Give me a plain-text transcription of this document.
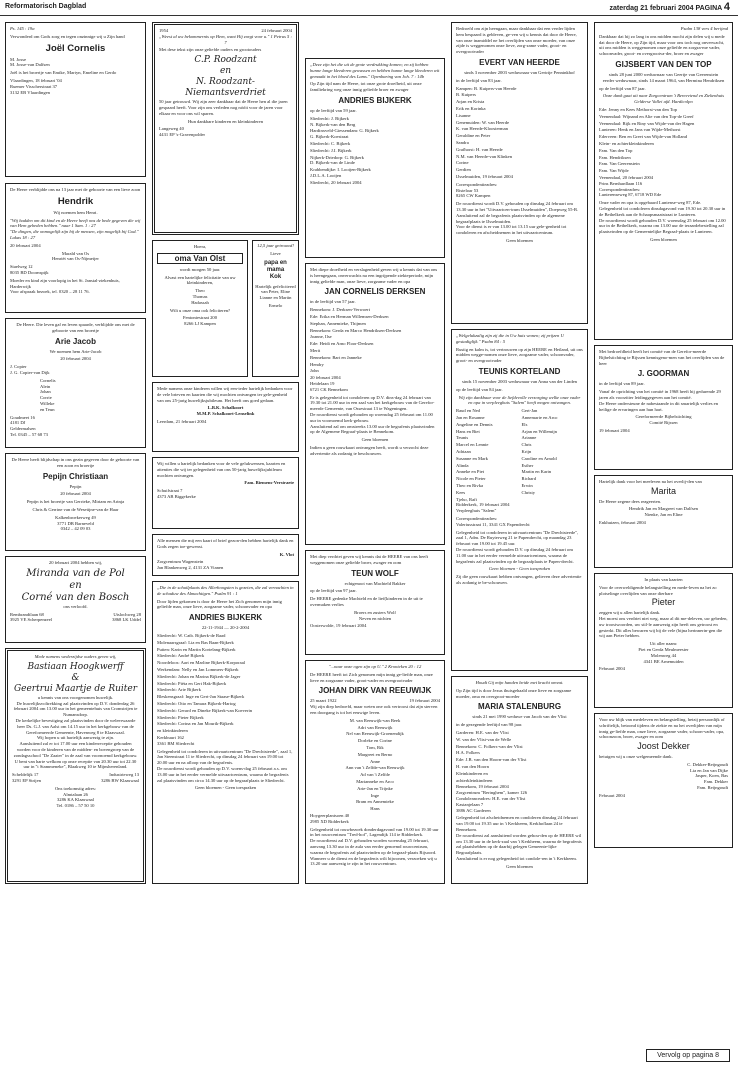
Reformatorisch Dagblad	zaterdag 21 februari 2004 PAGINA 4

Ps. 145 : 19a

Verwonderd om Gods zorg en tegen onzinnige wij u Zijn hand

Joël Cornelis

M. Josse
M. Josse-van Dalfsen

Joël is het broertje van Emike, Martyn, Emeline en Gerdo

Vlaardingen, 18 februari '04
Ruemer Visscherstraat 37
3132 EB Vlaardingen

De Heere verblijdde ons na 13 jaar met de geboorte van een lieve zoon

Hendrik

Wij noemen hem Henri.

"Wij hadden om dit kind en de Heere heeft ons de bede gegeven die wij van Hem gebeden hebben." naar 1 Sam. 1 : 27
"De dingen, die onmogelijk zijn bij de mensen, zijn mogelijk bij God." Lukas 18 : 27

20 februari 2004

Marald van Os
Henriët van Os-Nijmeijer

Staelweg 12
8035 BD Doornspijk

Moeder en kind zijn voorlopig in het St. Janstal-ziekenhuis, Harderwijk
Voor afspraak bezoek, tel. 0320 – 28 11 76.

De Heere. Die leven gaf en leven spaarde, verblijdde ons met de geboorte van een broertje

Arie Jacob

We noemen hem Arie-Jacob

20 februari 2004

J. Copier
J. G. Copier-van Dijk

Cornelis
Alein
Johan
Corrie
Willeke
en Teun

Goudmeet 16
4181 DJ
Geldermalsen
Tel. 0345 – 57 68 73

De Heere heeft blijdschap in ons gezin gegeven door de geboorte van een zoon en broertje

Pepijn Christiaan

Pepijn

20 februari 2004

Pepijn is het broertje van Gerrieke, Miriam en Arinja

Chris & Gerrine van de Wesetijne-van de Haar

Kalkenbroekerweg 49
3771 DB Barneveld
0342 – 42 09 03

20 februari 2004 hebben wij,

Miranda van de Pol
en
Corné van den Bosch

ons verloofd.

Rembrandtlaan 68
3925 VE Scherpenzeel

Utslochweg 28
3868 LK Uddel

Mede namens wederzijdse ouders geven wij,

Bastiaan Hoogkwerff
&
Geertrui Maartje de Ruiter

u kennis van ons voorgenomen huwelijk.
De huwelijksvoltrekking zal plaatsvinden op D.V. donderdag 26 februari 2004 om 13.00 uur in het gemeentehuis van Cromstrijen te Numansdorp.
De kerkelijke bevestiging zal plaatsvinden door de weleerwaarde heer Ds. G.J. van Aalst om 14.15 uur in het kerkgebouw van de Gereformeerde Gemeente, Havenweg 8 te Klaaswaal.
Wij hopen u uit hartelijk aanwezig te zijn.
Aansluitend zal er tot 17.00 uur een kinderreceptie gehouden worden voor de kinderen van de midden- en bovengroep van de zondagsschool "De Zaaier" in de zaal van voornoemd kerkgebouw.
U bent van harte welkom op onze receptie van 20.30 uur tot 22.30 uur in "t Stammeneke", Blaakweg 10 te Mijnsherenland.

Scheldelijk 17
3291 EP Strijen

Industrieweg 13
3286 BW Klaaswaal

Ons toekomstig adres:
Almtalaan 26
3286 KA Klaaswaal
Tel. 0186 – 57 50 10

1954	24 februari 2004

„Weest al uw bekommernis op Hem, want Hij zorgt voor u." 1 Petrus 5 : 7

Met dese tekst zijn onze geliefde ouders en grootouders

C.P. Roodzant
en
N. Roodzant-
Niemantsverdriet

50 jaar getrouwd. Wij zijn zeer dankbaar dat de Heere hen al die jaren gespaard heeft. Voor zijn ons verleden nog nóóit voor de jaren voor elkaar en voor ons wil sparen.

Hun dankbare kinderen en kleinkinderen

Langeweg 40
4431 EP 's-Gravenpolder

Hoera,

oma Van Olst

wordt morgen 50 jaar.

Alvast een hartelijke felicitatie van uw kleinkinderen,

Theo
Thomas
Hadassah

Wilt u onze oma ook feliciteren?

Fentoniestraat 200
8266 LJ Kampen

12,5 jaar getrouwd!

Lieve

papa en mama
Kok

Hartelijk gefeliciteerd van Peter, Eline Lianne en Martin

Ermelo

Mede namens onze kinderen willen wij een-ieder hartelijk bedanken voor de vele brieven en kaarten die wij mochten ontvangen ter gele-genheid van ons 25-jarig huwelijksjubileum. Het heeft ons goed gedaan.

L.B.K. Schalkoort
M.M.P. Schalkoort-Lenselink

Leerdam, 21 februari 2004

Wij willen u hartelijk bedanken voor de vele gelukwensen, kaarten en attenties die wij ter gelegenheid van ons 50-jarig huwelijksjubileum mochten ontvangen.

Fam. Biemens-Verstraete

Schuifstraat 7
4373 AB Biggekerke

Alle mensen die mij een kaart of brief gezon-den hebben hartelijk dank en Gods zegen toe-gewenst.

K. Vlot

Zorgcentrum Wagenstein
Jan Blankenweg 2, 4131 ZA Vianen

„Die in de schuilplaats des Allerhoogsten is gezeten, die zal vernachten in de schaduw des Almachtigen." Psalm 91 : 1

Door lijden gekomen is door de Heere het Zich genomen mijn innig geliefde man, onze lieve, zorgzame vader, schoonvader en opa

ANDRIES BIJKERK

22-11-1944 — 20-2-2004

Sliedrecht: W. Catb. Bijkerk-de Raad

Molenaarsgraaf: Lia en Bas Baan-Bijkerk

Putten: Karin en Martin Kortelang-Bijkerk

Sliedrecht: André Bijkerk

Noordeloos: Aart en Marline Bijkerk-Korporaal

Werkendam: Nelly en Jan Lommers-Bijkerk

Sliedrecht: Johan en Marina Bijkerk-de Jager

Sliedrecht: Piëta en Gert Hak-Bijkerk

Sliedrecht: Arie Bijkerk

Bleskensgraaf: Inge en Gert-Jan Staase-Bijkerk

Sliedrecht: Otto en Tamara Bijkerk-Hartog

Sliedrecht: Gerard en Dineke Bijkerk-van Koeverin

Sliedrecht: Pieter Bijkerk

Sliedrecht: Corina en Jan Mourik-Bijkerk

en kleinkinderen

Kerkbuurt 162
3361 BM Sliedrecht

Gelegenheid tot condoleren in uitvaartcentrum "De Drechtsteede", zaal 1, Jan Steenstraat 11 te Sliedrecht, op dinsdag 24 februari van 19.00 tot 20.00 uur en na afloop van de begrafenis.
De rouwdienst wordt gehouden op D.V. woens-dag 25 februari a.s. om 13.00 uur in het eerder vermelde uitvaartcentrum, waarna de begrafenis zal plaatsvinden om circa 14.30 uur op de begraafplaats te Sliedrecht.

Geen bloemen - Geen toespraken

„Deze zijn het die uit de grote verdrukking komen; en zij hebben hunne lange kleederen gewassen en hebben hunne lange kleederen wit gemaakt in het bloed des Lams." Openbaring van Joh. 7 : 14b

Op Zijn tijd nam de Heere, tot onze grote droefheid, uit onze familiekring weg onze innig geliefde broer en zwager

ANDRIES BIJKERK

op de leeftijd van 59 jaar.

Sliedrecht: J. Bijkerk
N. Bijkerk-van den Berg

Hardinxveld-Giessendam: G. Bijkerk
G. Bijkerk-Koestraat

Sliedrecht: C. Bijkerk

Sliedrecht: J.I. Bijkerk

Nijkerk-Driedorp: G. Bijkerk
D. Bijkerk-van de Linde

Krabbendijke: I. Looijen-Bijkerk
J.D.L.A. Looijen

Sliedrecht, 20 februari 2004

Met diepe droefheid en verslagenheid geven wij u kennis dat van ons is heengegaan, onverwachts na een ingrijpende ziekteperiode, mijn innig geliefde man, onze lieve, zorgzame vader en opa

JAN CORNELIS DERKSEN

in de leeftijd van 57 jaar.

Bennekom: J. Derksen-Verwoert

Ede: Erika en Herman Willemsen-Derksen

Stephan, Annemieke, Thijmen

Bennekom: Gerda en Marco Hendriksen-Derksen

Joanne, Ilse

Ede: Heidi en Arno Floor-Derksen

Merit

Bennekom: Bart en Janneke

Hendry

John

20 februari 2004
Heidelaan 19
6721 CK Bennekom

Er is gelegenheid tot condoleren op D.V. dins-dag 24 februari van 19.30 tot 21.00 uur in een zaal van het kerkgebouw van de Gerefor-meerde Gemeente, van Ossestraat 13 te Wageningen.
De rouwdienst wordt gehouden op woensdag 25 februari om 11.00 uur in voornoemd kerk-gebouw.
Aansluitend zal om omstreeks 13.00 uur de begrafenis plaatsvinden op de Algemene Begraaf-plaats te Bennekom.

Geen bloemen

Indien u geen rouwkaart ontvangen heeft, wordt u verzocht deze advertentie als zodanig te beschouwen.

Met diep verdriet geven wij kennis dat de HEERE van ons heeft weggenomen onze geliefde broer, zwager en oom

TEUN WOLF

echtgenoot van Machteld Bakker

op de leeftijd van 97 jaar.

De HEERE gedenke Machteld en de lief(kinderen in de uit te overmaken verlies

Broers en zusters Wolf
Neven en nichten

Oosterwolde, 19 februari 2004

"...naar onze ogen zijn op U." 2 Kronieken 20 : 12

De HEERE heeft tot Zich genomen mijn innig ge-liefde man, onze lieve en zorgzame vader, groot-vader en overgrootvader

JOHAN DIRK VAN REEUWIJK
25 maart 1922	19 februari 2004

Wij zijn diep bedroefd, maar weten one ook vertroost dat zijn sterven een doorgang is tot het eeuwige leven.

M. van Reeuwijk-van Beek

Adri van Reeuwijk

Nel van Reeuwijk-Groenendijk

Dorleke en Corine

Tom, Rik

Margreet en Berno

Anne

Ann van 't Zelfde-van Reeuwijk

Ad van 't Zelfde

Marianneke en Arco

Arie-Jan en Trijnke

Inge

Bram en Annemieke

Hans

Hoygeerplantsoen 40
2985 XD Ridderkerk

Gelegenheid tot rouwbezoek donderdagavond van 19.00 tot 19.30 uur in het rouwcentrum "Tred-hof", Lagendijk 114 te Ridderkerk.
De rouwdienst zal D.V. gehouden worden woensdag 25 februari, aanvang 13.30 uur in de aula van eerder genoemd rouwcentrum, waarna de begrafenis zal plaatsvinden op de begraaf-plaats Rijsoord.
Wanneer u de dienst en de begrafenis wilt bijwonen, verzoeken wij u 13.20 uur aanwezig te zijn in het rouwcentrum.

Bedroefd om zijn heengaan, maar dankbaar dat een verder lijden hem bespaard is gebleven, ge-ven wij u kennis dat door de Heere, van onze inamiddel ne het overlijden van onze moeder, van onze zijde is weggenomen onze lieve, zorg-zame vader, groot- en overgrootvader

EVERT VAN HEERDE

sinds 3 november 2003 weduwnaar van Gertrije Penninkhof

in de leeftijd van 83 jaar.

Kampen: B. Kuipers-van Heerde

B. Kuipers

Arjan en Krista

Erik en Korinka

Lisanne

Genemuiden: W. van Heerde

K. van Heerde-Kloosterman

Geraldine en Peter

Sandra

Grafhorst: H. van Heerde

N.M. van Heerde-van Klinken

Corine

Gerdien

IJsselmuiden, 19 februari 2004

Correspondentieadres:
Risteloar 53
8265 CW Kampen

De rouwdienst wordt D.V. gehouden op dinsdag 24 februari om 13.30 uur in het "Uitvaartcen-trum IJsselmuiden", Doepweg 55-B.
Aansluitend zal de begrafenis plaatsvinden op de algemene begraafplaats te IJsselmuiden.
Voor de dienst is er van 13.00 tot 13.15 uur gele-genheid tot condoleren en afscheidnemen in het uitvaartcentrum.

Geen bloemen

„Welgelukzalig zijn zij die in Uw huis wonen; zij prijzen U gestadiglijk." Psalm 84 : 5

Rustig en kalm is, tot vertrouwen op zijn HEERE en Heiland, uit ons midden wegge-nomen onze lieve, zorgzame vader, schoonvader, groot- en overgrootvader

TEUNIS KORTELAND

sinds 15 november 2003 weduwnaar van Anna van der Linden

op de leeftijd van 84 jaar.

Wij zijn dankbaar voor de liefdevolle verzorging welke onze vader en opa in verpleeghuis "Salem" heeft mogen ontvangen.

Raud en Ned

Jan en Rosanne

Angeline en Dennis

Hans en Biet

Teunis

Marcel en Lennie

Adriaan

Susanne en Mark

Alinda

Anneke en Piet

Nicole en Pieter

Theo en Rivka

Kees

Tjeho, Rafi

Gert-Jan

Annemarie en Arco

Els

Arjan en Willemijn

Arianne

Chris

Krijn

Caroline en Arnold

Esther

Martin en Karin

Richard

Erwin

Christy

Ridderkerk, 19 februari 2004
Verpleeghuis "Salem"

Correspondentieadres:
Valeriusstraat 11, 3341 GX Papendrecht

Gelegenheid tot condoleren in uitvaartcentrum "De Drechtsteede", zaal 1, Adm. De Ruyterweg 21 te Papendrecht, op maandag 23 februari van 19.00 tot 19.45 uur.
De rouwdienst wordt gehouden D.V. op dinsdag 24 februari om 11.00 uur in het eerder vermelde uitvaartcentrum, waarna de begrafenis zal plaatsvinden op de begraafplaats te Papen-drecht.

Geen bloemen - Geen toespraken

Zij die geen rouwkaart hebben ontvangen, gelieven deze advertentie als zodanig te be-schouwen.

Houdt Gij mijn handen beide met kracht omvat.

Op Zijn tijd is door Jezus thuisgehaald onze lieve en zorgzame moeder, oma en overgroot-moeder

MARIA STALENBURG

sinds 21 mei 1990 weduwe van Jacob van der Vlist

in de gezegende leeftijd van 98 jaar.

Garderen: H.E. van der Vlist

W. van der Vlist-van de Welle

Bennekom: C. Folkers-van der Vlist

H.A. Folkers

Ede: J.B. van den Hoorn-van der Vlist

H. van den Hoorn

Kleinkinderen en

achterkleinkinderen

Bennekom, 19 februari 2004
Zorgcentrum "Beringhem", kamer 126
Condoleanceadres: H.E. van der Vlist
Kastanjelaan 7
3886 AC Garderen

Gelegenheid tot afscheidnemen en condoleren dinsdag 24 februari van 19.00 tot 19.35 uur in 't Kerkheem, Kerkhoflaan 24 te Bennekom.
De rouwdienst zal aansluitend worden gehou-den op de HEERE wil om 13.30 uur in de kerk-zaal van 't Kerkheem, waarna de begrafenis zal plaatshebben op de daarbij gelegen Gemeente-lijke Begraafplaats.
Aansluitend is er nog gelegenheid tot condole-ren in 't Kerkheem.

Geen bloemen

Psalm 138 vers 4 berijmd

Dankbaar dat hij zo lang in ons midden mocht zijn delen wij u mede dat door de Heere, op Zijn tijd, maar voor ons toch nog onverwacht, uit ons midden is weggenomen onze geliefde en zorgza-me vader, schoonvader, groot- en overgrootva-der, broer en zwager

GIJSBERT VAN DEN TOP

sinds 28 juni 2000 weduwnaar van Geertje van Geerenstein
eerder weduwnaar, sinds 14 maart 1964, van Hermina Hendriksen

op de leeftijd van 87 jaar.

Onze dank gaat uit naar Zorgcentrum 't Bereeviend en Ziekenhuis Gelderse Vallei afd. Hardicolpo

Ede: Jenny en Kees Methorst-van den Top

Veenendaal: Wijnand en Alie van den Top-de Greef

Veenendaal: Rijk en Riny van Wijde-van der Hagen

Lunteren: Henk en Jans van Wijde-Methorst

Ederveen: Ben en Greet van Wijde-van Holland

Klein- en achterkleinkinderen

Fam. Van den Top

Fam. Hendriksen

Fam. Van Geerenstein

Fam. Van Wijde

Veenendaal, 20 februari 2004
Prins Bernhardlaan 116
Correspondentieadres:
Lunterenseweg 87, 6718 WD Ede

Onze vader en opa is opgebaard Luntense-weg 87, Ede.
Gelegenheid tot condoleren dinsdagavond van 19.30 tot 20.30 uur in de Bethelkerk aan de Schaapsmaatstraat te Lunteren.
De rouwdienst wordt gehouden D.V. woensdag 25 februari om 12.00 uur in de Bethelkerk, waarna om 13.00 uur de teraardebestelling zal plaatsvinden op de Gemeentelijke Begraaf-plaats te Lunteren.

Geen bloemen

Met bedroefdheid heeft het comité van de Gerefor-meerde Bijbelstichting te Rijssen kennisgeno-men van het overlijden van de heer

J. GOORMAN

in de leeftijd van 89 jaar.

Vanaf de oprichting van het comité in 1968 heeft hij gedurende 29 jaren als voorzitter leidinggegeven aan het comité.
De Heere ondersteune de nabestaande in dit smartelijk verlies en heilige de ervaringen aan hun hart.

Gereformeerde Bijbelstichting
Comité Rijssen

19 februari 2004

Hartelijk dank voor het meeleven na het overlij-den van

Marita

De Heere zegene dees reageerten.

Hendrik Jan en Margreet van Dalfsen
Nienke, Jan en Eline

Enkhuizen, februari 2004

In plaats van kaarten

Voor de overweldigende belangstelling en mede-leven na het zo plotselinge overlijden van onze dierbare

Pieter

zeggen wij u allen hartelijk dank.
Het moest ons verdriet niet weg, maar al dit me-deleven, uw gebeden, uw troostwoorden, uw stil-le aanwezig zijn heeft ons getroost en gesterkt. Dit alles bewaren wij bij de vele (bijna herinnerin-gen die wij aan Pieter hebben.

Uit aller naam:
Piet en Gerda Meulmeester
Molenweg 44
4341 BE Arnemuiden

Februari 2004

Voor uw blijk van medeleven en belangstelling, hetzij persoonlijk of schriftelijk, betoond tijdens de ziekte en na het overlijden van mijn innig ge-liefde man, onze lieve, zorgzame vader, schoon-vader, opa, schoonzoon, broer, zwager en oom

Joost Dekker

betuigen wij u onze welgemeende dank.

C. Dekker-Reijngoudt
Lia en Jan van Dijke
Jasper, Koen, Bas
Fam. Dekker
Fam. Reijngoudt

Februari 2004

Vervolg op pagina 8
